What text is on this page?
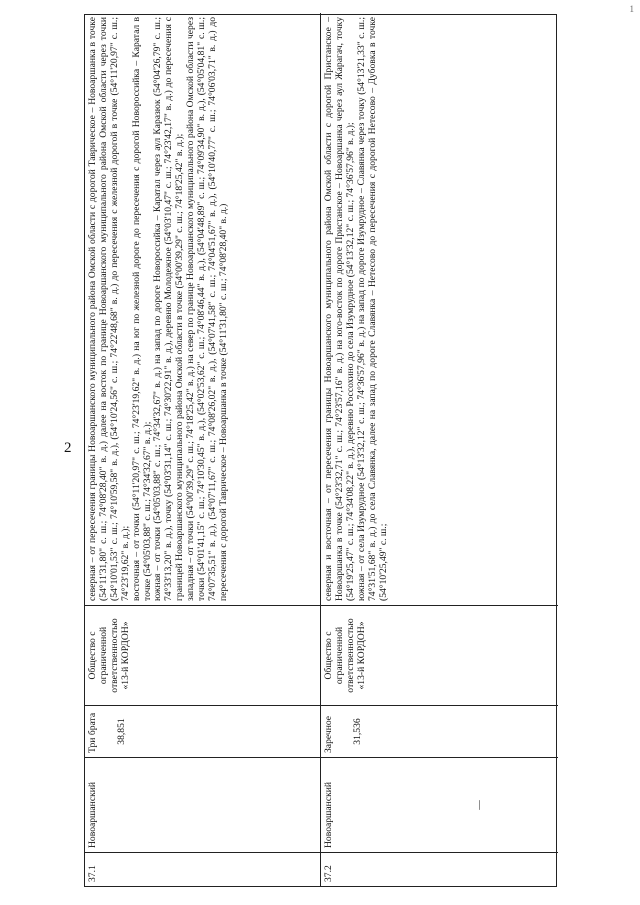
1
2
37.1
Новоаршанский
Три брата 38,851
Общество с ограниченной ответственностью «13-й КОРДОН»

северная – от пересечения границы Новоаршанского муниципального района Омской области с дорогой Таврическое – Новоаршанка в точке (54°11'31,80" с. ш.; 74°08'28,40" в. д.) далее на восток по границе Новоаршанского муниципального района Омской области через точки (54°10'01,53" с. ш.; 74°10'59,58" в. д.), (54°10'24,56" с. ш.; 74°22'48,68" в. д.) до пересечения с железной дорогой в точке (54°11'20,97" с. ш.; 74°23'19,62" в. д.); восточная – от точки (54°11'20,97" с. ш.; 74°23'19,62" в. д.) на юг по железной дороге до пересечения с дорогой Новороссийка – Каратал в точке (54°05'03,88" с. ш.; 74°34'32,67" в. д.); южная – от точки (54°05'03,88" с. ш.; 74°34'32,67" в. д.) на запад по дороге Новороссийка – Каратал через аул Каразюк (54°04'26,79" с. ш.; 74°33'13,20" в. д.), точку (54°03'31,14" с. ш.; 74°30'22,91" в. д.), деревню Молодежное (54°03'10,47" с. ш.; 74°23'42,17" в. д.) до пересечения с границей Новоаршанского муниципального района Омской области в точке (54°00'39,29" с. ш.; 74°18'25,42" в. д.); западная – от точки (54°00'39,29" с. ш.; 74°18'25,42" в. д.) на север по границе Новоаршанского муниципального района Омской области через точки (54°01'41,15" с. ш.; 74°10'30,45" в. д.), (54°02'53,62" с. ш.; 74°08'46,44" в. д.), (54°04'48,89" с. ш.; 74°09'34,90" в. д.), (54°05'04,81" с. ш.; 74°07'35,51" в. д.), (54°07'11,67" с. ш.; 74°08'26,02" в. д.), (54°07'41,58" с. ш.; 74°04'51,67" в. д.), (54°10'40,77" с. ш.; 74°06'03,71" в. д.) до пересечения с дорогой Таврическое – Новоаршанка в точке (54°11'31,80" с. ш.; 74°08'28,40" в. д.)

37.2
Новоаршанский	—
Заречное 31,536
Общество с ограниченной ответственностью «13-й КОРДОН»

северная и восточная – от пересечения границы Новоаршанского муниципального района Омской области с дорогой Пристанское – Новоаршанка в точке (54°23'32,71" с. ш.; 74°23'57,16" в. д.) на юго-восток по дороге Пристанское – Новоаршанка через аул Жарагач, точку (54°19'25,47" с. ш.; 74°34'08,22" в. д.), деревню Россохино до села Изумрудное (54°13'32,12" с. ш.; 74°36'57,96" в. д.); южная – от села Изумрудное (54°13'32,12" с. ш.; 74°36'57,96" в. д.) на запад по дороге Изумрудное – Славянка через точку (54°13'21,33" с. ш.; 74°31'51,68" в. д.) до села Славянка, далее на запад по дороге Славянка – Нетесово до пересечения с дорогой Нетесово – Дубовка в точке (54°10'25,49" с. ш.;
